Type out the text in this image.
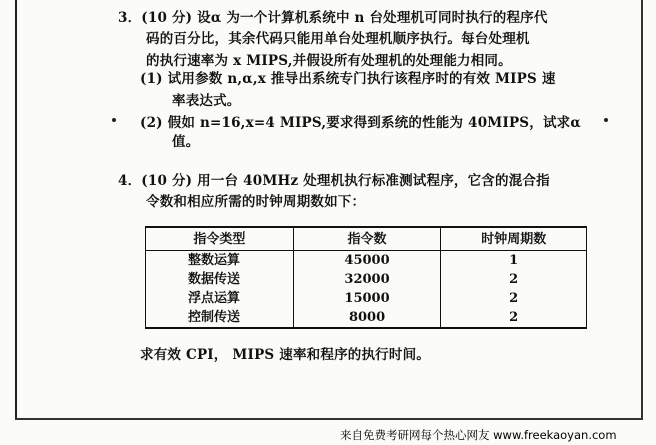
3．(10 分) 设α 为一个计算机系统中 n 台处理机可同时执行的程序代
码的百分比，其余代码只能用单台处理机顺序执行。每台处理机
的执行速率为 x MIPS,并假设所有处理机的处理能力相同。
(1) 试用参数 n,α,x 推导出系统专门执行该程序时的有效 MIPS 速
率表达式。
(2) 假如 n=16,x=4 MIPS,要求得到系统的性能为 40MIPS，试求α
值。
4．(10 分) 用一台 40MHz 处理机执行标准测试程序，它含的混合指
令数和相应所需的时钟周期数如下：
指令类型	指令数	时钟周期数
整数运算	45000	1
数据传送	32000	2
浮点运算	15000	2
控制传送	8000	2
求有效 CPI， MIPS 速率和程序的执行时间。
来自免费考研网每个热心网友 www.freekaoyan.com
